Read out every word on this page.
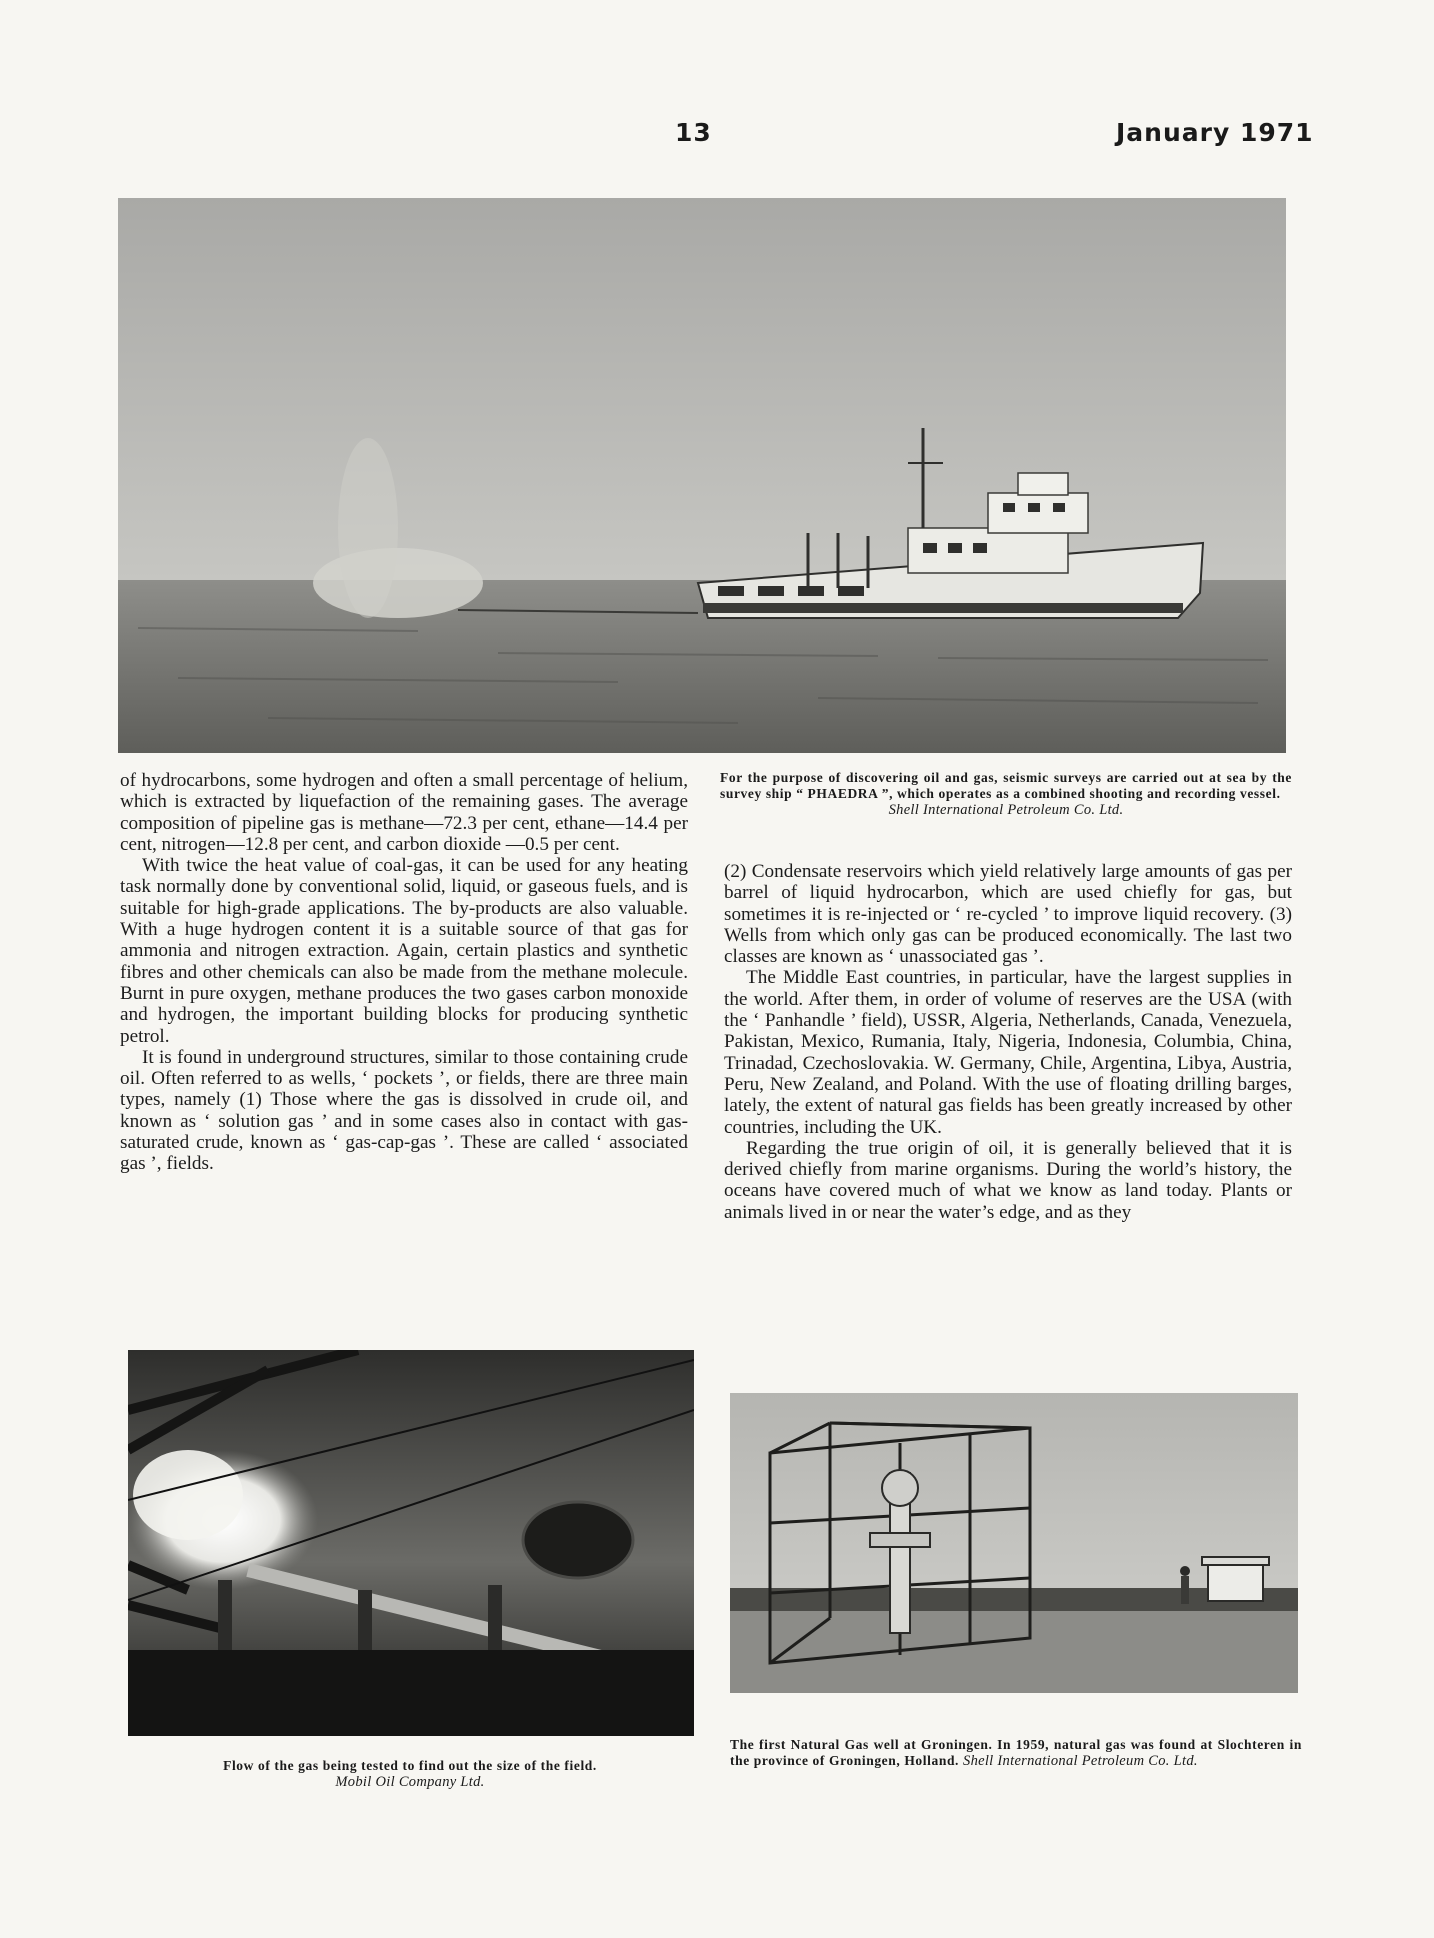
13	January 1971

of hydrocarbons, some hydrogen and often a small percentage of helium, which is extracted by liquefaction of the remaining gases. The average composition of pipeline gas is methane—72.3 per cent, ethane—14.4 per cent, nitrogen—12.8 per cent, and carbon dioxide —0.5 per cent.

With twice the heat value of coal-gas, it can be used for any heating task normally done by conventional solid, liquid, or gaseous fuels, and is suitable for high-grade applications. The by-products are also valuable. With a huge hydrogen content it is a suitable source of that gas for ammonia and nitrogen extraction. Again, certain plastics and synthetic fibres and other chemicals can also be made from the methane molecule. Burnt in pure oxygen, methane produces the two gases carbon monoxide and hydrogen, the important building blocks for producing synthetic petrol.

It is found in underground structures, similar to those containing crude oil. Often referred to as wells, ‘ pockets ’, or fields, there are three main types, namely (1) Those where the gas is dissolved in crude oil, and known as ‘ solution gas ’ and in some cases also in contact with gas-saturated crude, known as ‘ gas-cap-gas ’. These are called ‘ associated gas ’, fields.

For the purpose of discovering oil and gas, seismic surveys are carried out at sea by the survey ship “ PHAEDRA ”, which operates as a combined shooting and recording vessel.
Shell International Petroleum Co. Ltd.

(2) Condensate reservoirs which yield relatively large amounts of gas per barrel of liquid hydrocarbon, which are used chiefly for gas, but sometimes it is re-injected or ‘ re-cycled ’ to improve liquid recovery. (3) Wells from which only gas can be produced economically. The last two classes are known as ‘ unassociated gas ’.

The Middle East countries, in particular, have the largest supplies in the world. After them, in order of volume of reserves are the USA (with the ‘ Panhandle ’ field), USSR, Algeria, Netherlands, Canada, Venezuela, Pakistan, Mexico, Rumania, Italy, Nigeria, Indonesia, Columbia, China, Trinadad, Czechoslovakia. W. Germany, Chile, Argentina, Libya, Austria, Peru, New Zealand, and Poland. With the use of floating drilling barges, lately, the extent of natural gas fields has been greatly increased by other countries, including the UK.

Regarding the true origin of oil, it is generally believed that it is derived chiefly from marine organisms. During the world’s history, the oceans have covered much of what we know as land today. Plants or animals lived in or near the water’s edge, and as they

Flow of the gas being tested to find out the size of the field.
Mobil Oil Company Ltd.
The first Natural Gas well at Groningen. In 1959, natural gas was found at Slochteren in the province of Groningen, Holland. Shell International Petroleum Co. Ltd.
